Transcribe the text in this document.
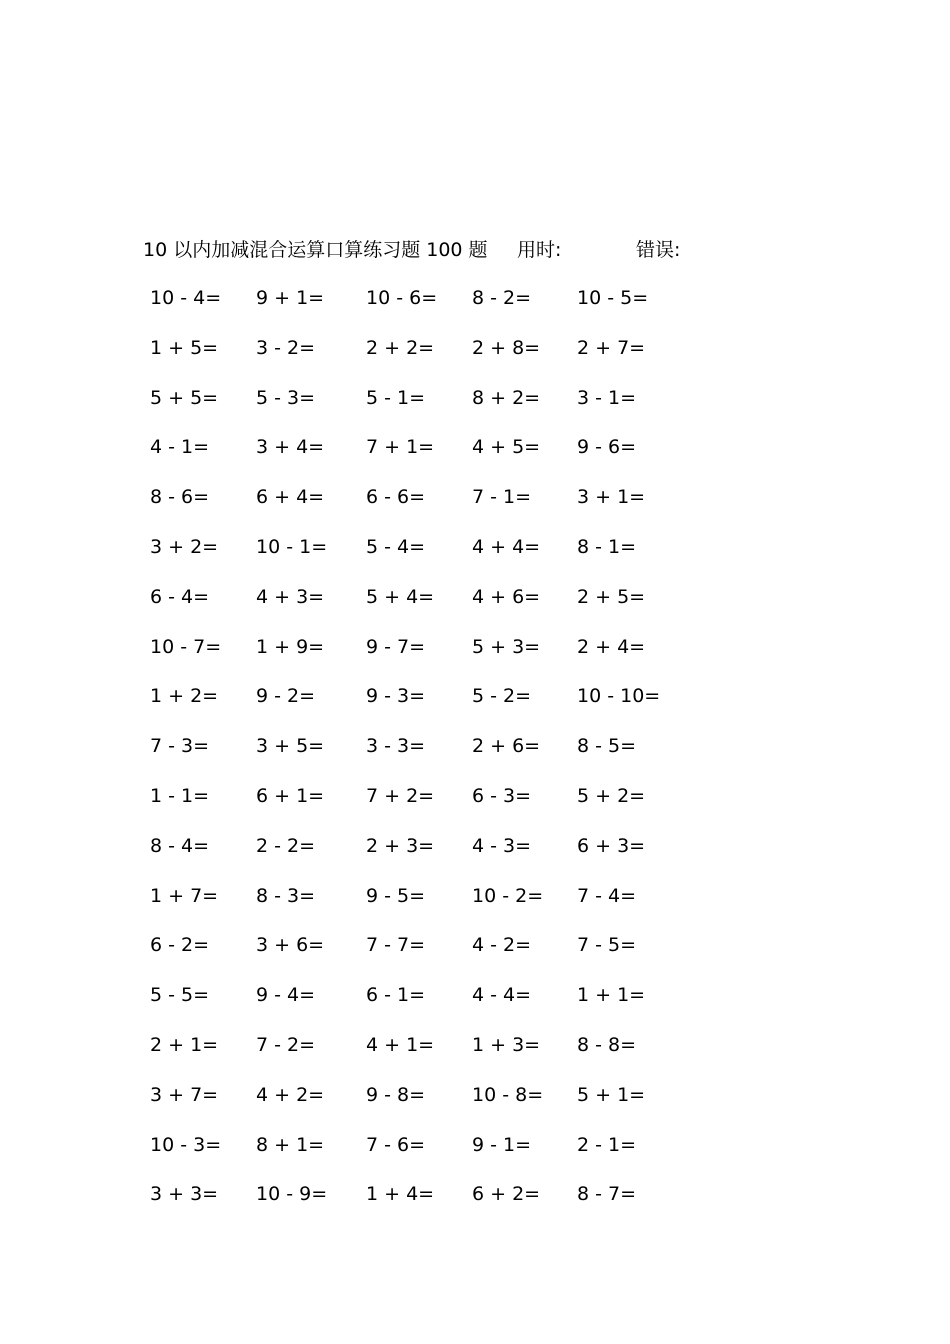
10 以内加减混合运算口算练习题 100 题 用时:	错误:
10 - 4= 9 + 1= 10 - 6= 8 - 2= 10 - 5=
1 + 5= 3 - 2=	2 + 2= 2 + 8= 2 + 7=
5 + 5= 5 - 3=	5 - 1= 8 + 2= 3 - 1=
4 - 1= 3 + 4= 7 + 1= 4 + 5= 9 - 6=
8 - 6= 6 + 4= 6 - 6= 7 - 1= 3 + 1=
3 + 2= 10 - 1= 5 - 4= 4 + 4= 8 - 1=
6 - 4= 4 + 3= 5 + 4= 4 + 6= 2 + 5=
10 - 7= 1 + 9= 9 - 7= 5 + 3= 2 + 4=
1 + 2= 9 - 2=	9 - 3= 5 - 2= 10 - 10=
7 - 3= 3 + 5= 3 - 3= 2 + 6= 8 - 5=
1 - 1= 6 + 1= 7 + 2= 6 - 3= 5 + 2=
8 - 4= 2 - 2=	2 + 3= 4 - 3= 6 + 3=
1 + 7= 8 - 3=	9 - 5= 10 - 2= 7 - 4=
6 - 2= 3 + 6= 7 - 7= 4 - 2= 7 - 5=
5 - 5= 9 - 4=	6 - 1= 4 - 4= 1 + 1=
2 + 1= 7 - 2=	4 + 1= 1 + 3= 8 - 8=
3 + 7= 4 + 2= 9 - 8= 10 - 8= 5 + 1=
10 - 3= 8 + 1= 7 - 6= 9 - 1= 2 - 1=
3 + 3= 10 - 9= 1 + 4= 6 + 2= 8 - 7=
